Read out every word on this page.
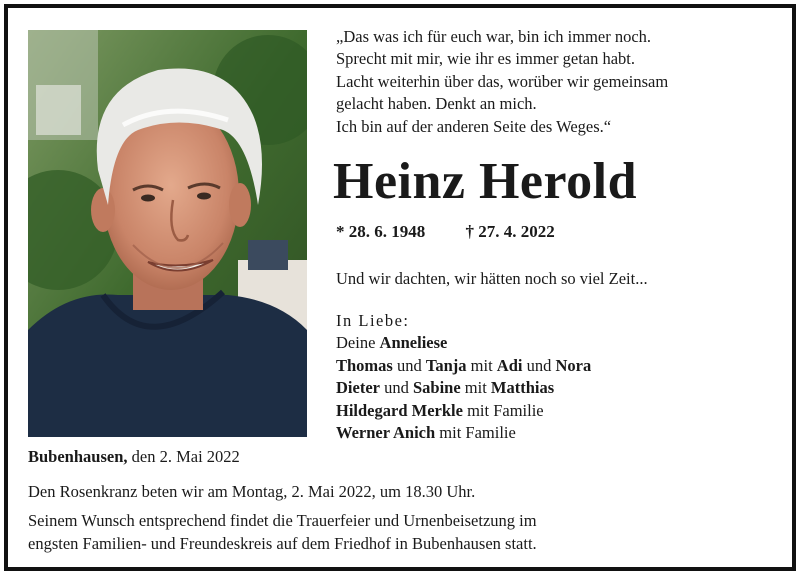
„Das was ich für euch war, bin ich immer noch.
Sprecht mit mir, wie ihr es immer getan habt.
Lacht weiterhin über das, worüber wir gemeinsam
gelacht haben. Denkt an mich.
Ich bin auf der anderen Seite des Weges.“
Heinz Herold
* 28. 6. 1948 † 27. 4. 2022
Und wir dachten, wir hätten noch so viel Zeit...
In Liebe:
Deine Anneliese
Thomas und Tanja mit Adi und Nora
Dieter und Sabine mit Matthias
Hildegard Merkle mit Familie
Werner Anich mit Familie
Bubenhausen, den 2. Mai 2022
Den Rosenkranz beten wir am Montag, 2. Mai 2022, um 18.30 Uhr.
Seinem Wunsch entsprechend findet die Trauerfeier und Urnenbeisetzung im
engsten Familien- und Freundeskreis auf dem Friedhof in Bubenhausen statt.
